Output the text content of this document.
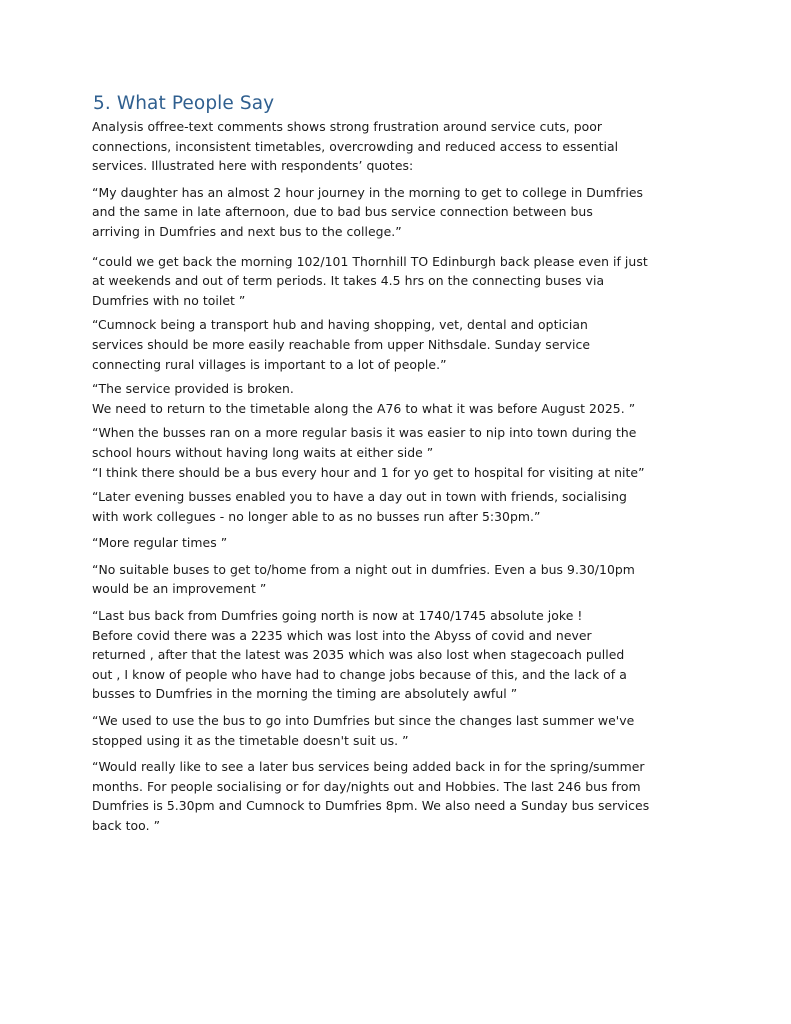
5. What People Say

Analysis offree-text comments shows strong frustration around service cuts, poor
connections, inconsistent timetables, overcrowding and reduced access to essential
services. Illustrated here with respondents’ quotes:

“My daughter has an almost 2 hour journey in the morning to get to college in Dumfries
and the same in late afternoon, due to bad bus service connection between bus
arriving in Dumfries and next bus to the college.”

“could we get back the morning 102/101 Thornhill TO Edinburgh back please even if just
at weekends and out of term periods. It takes 4.5 hrs on the connecting buses via
Dumfries with no toilet ”

“Cumnock being a transport hub and having shopping, vet, dental and optician
services should be more easily reachable from upper Nithsdale. Sunday service
connecting rural villages is important to a lot of people.”

“The service provided is broken.
We need to return to the timetable along the A76 to what it was before August 2025. ”

“When the busses ran on a more regular basis it was easier to nip into town during the
school hours without having long waits at either side ”

“I think there should be a bus every hour and 1 for yo get to hospital for visiting at nite”

“Later evening busses enabled you to have a day out in town with friends, socialising
with work collegues - no longer able to as no busses run after 5:30pm.”

“More regular times ”

“No suitable buses to get to/home from a night out in dumfries. Even a bus 9.30/10pm
would be an improvement ”

“Last bus back from Dumfries going north is now at 1740/1745 absolute joke !
Before covid there was a 2235 which was lost into the Abyss of covid and never
returned , after that the latest was 2035 which was also lost when stagecoach pulled
out , I know of people who have had to change jobs because of this, and the lack of a
busses to Dumfries in the morning the timing are absolutely awful ”

“We used to use the bus to go into Dumfries but since the changes last summer we've
stopped using it as the timetable doesn't suit us. ”

“Would really like to see a later bus services being added back in for the spring/summer
months. For people socialising or for day/nights out and Hobbies. The last 246 bus from
Dumfries is 5.30pm and Cumnock to Dumfries 8pm. We also need a Sunday bus services
back too. ”
